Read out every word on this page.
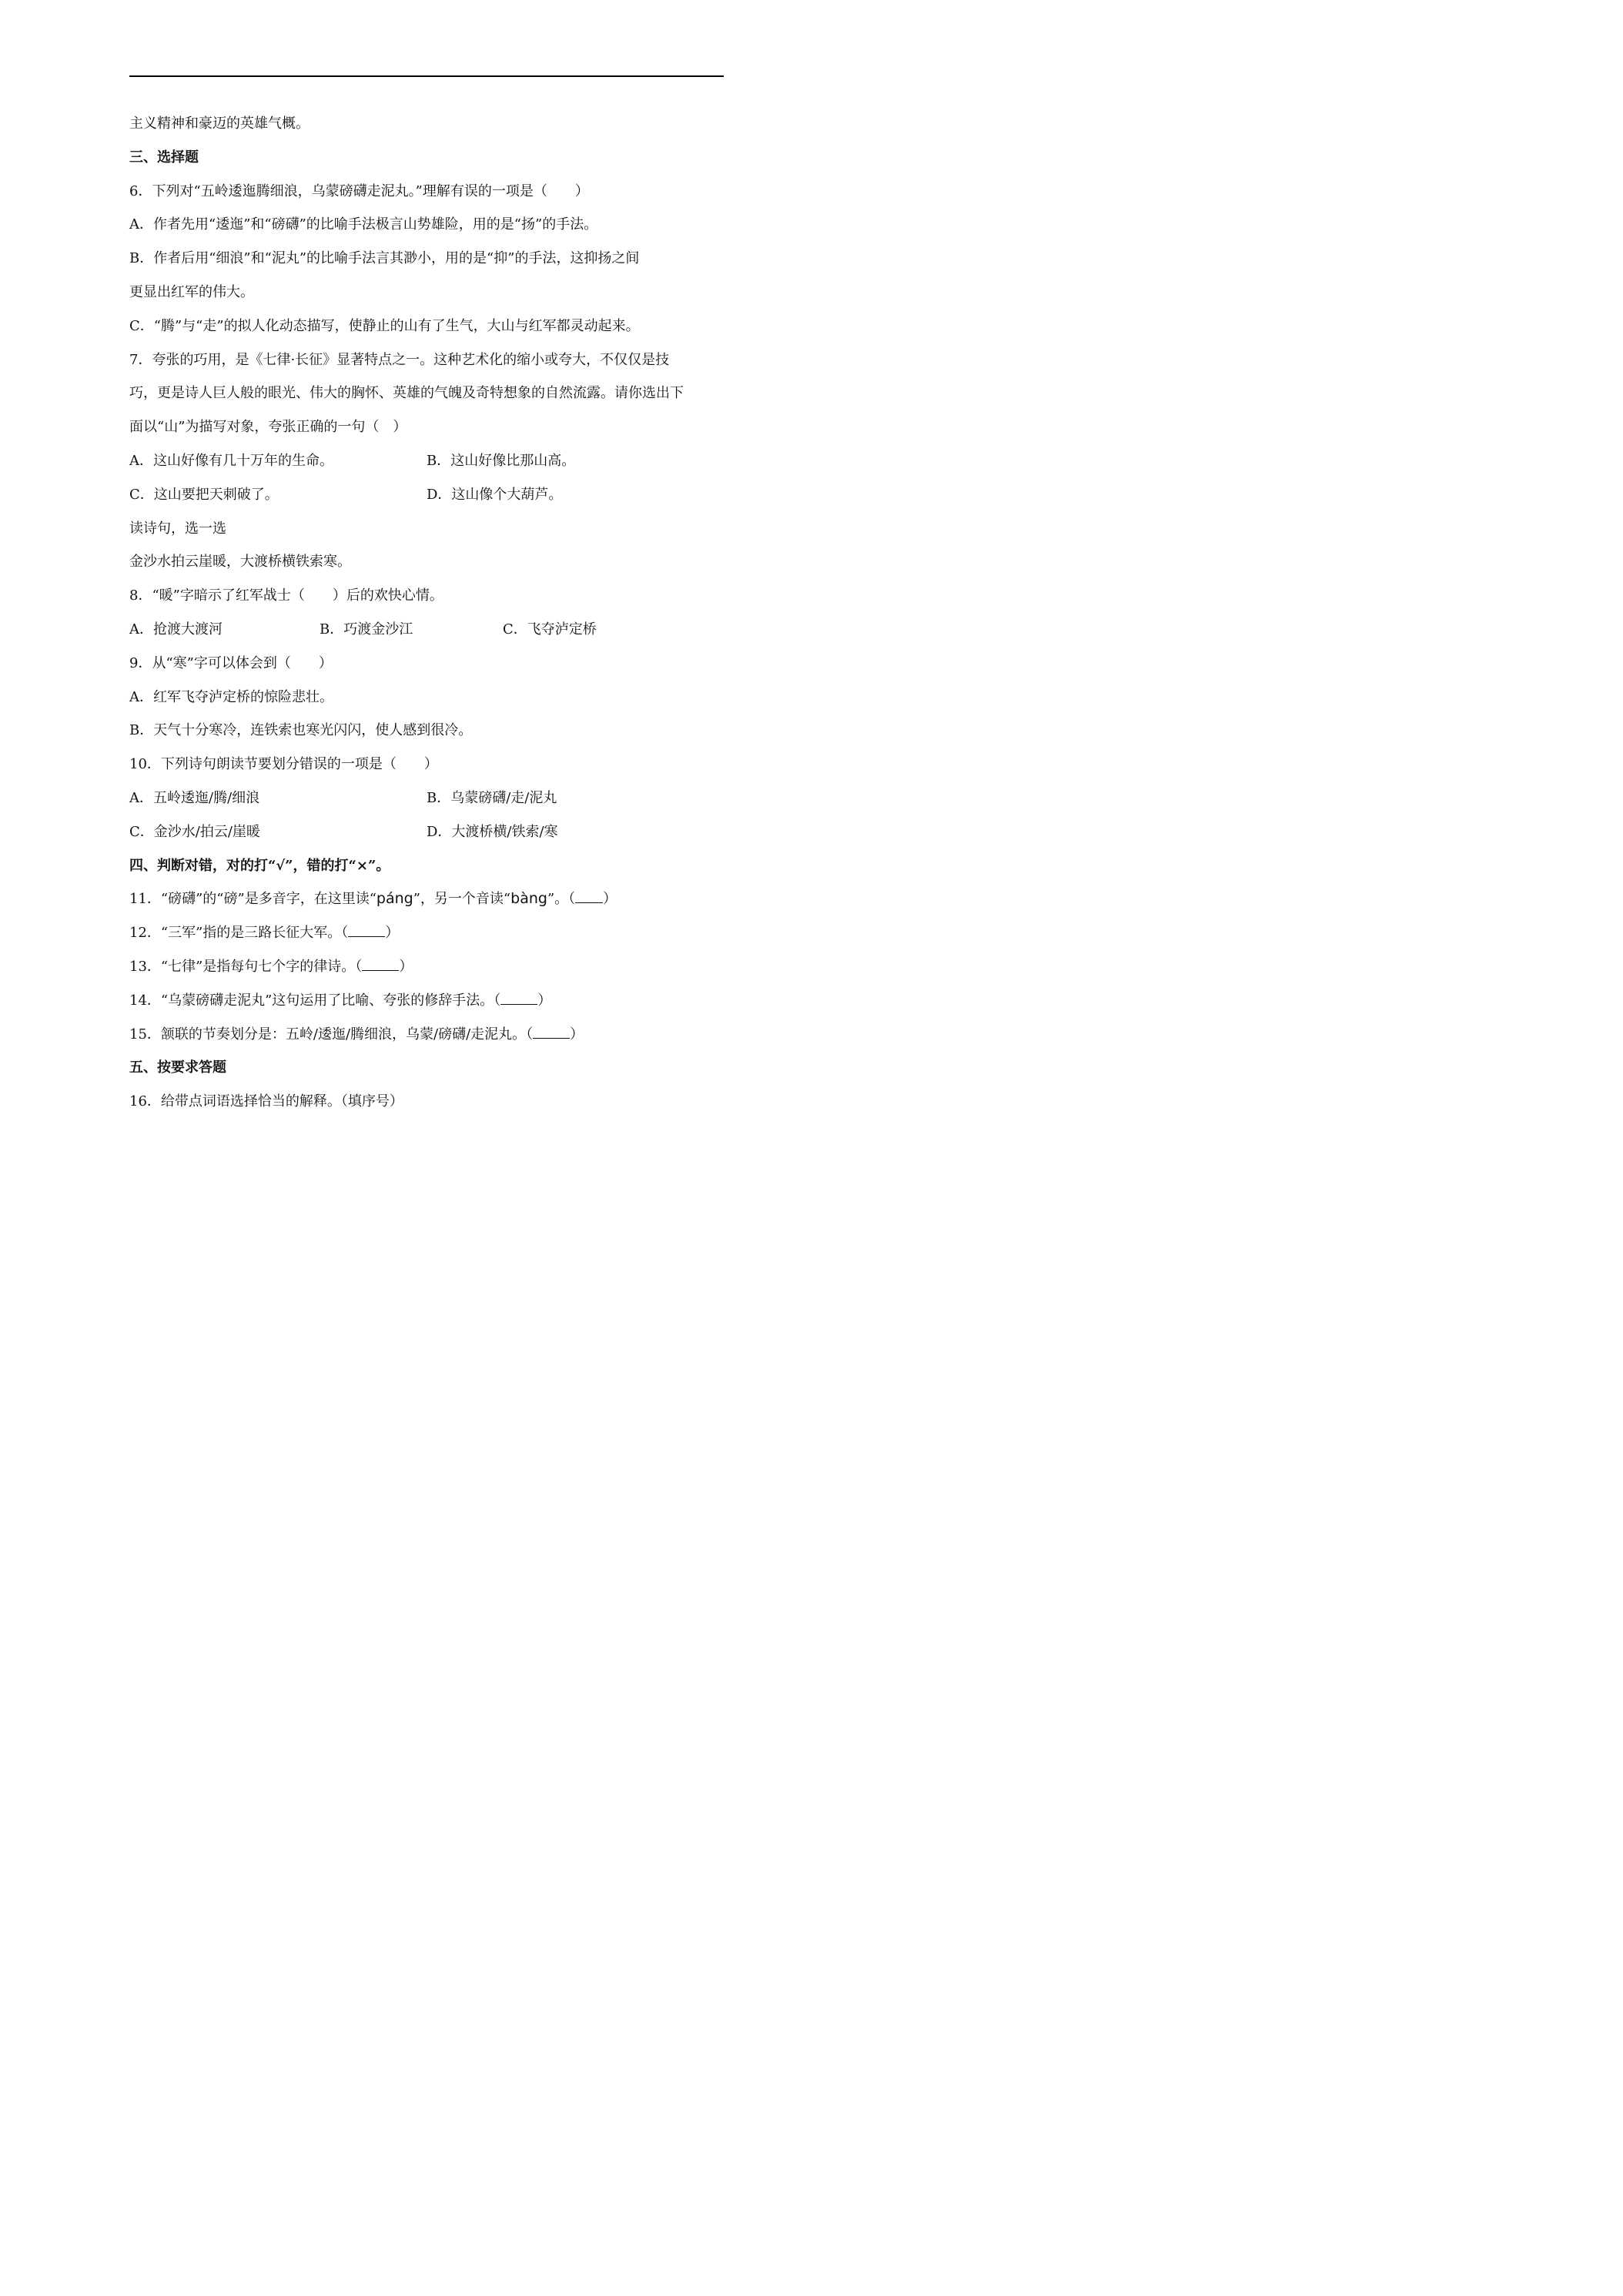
主义精神和豪迈的英雄气概。
三、选择题
6．下列对“五岭逶迤腾细浪，乌蒙磅礴走泥丸。”理解有误的一项是（　　）
A．作者先用“逶迤”和“磅礴”的比喻手法极言山势雄险，用的是“扬”的手法。
B．作者后用“细浪”和“泥丸”的比喻手法言其渺小，用的是“抑”的手法，这抑扬之间
更显出红军的伟大。
C．“腾”与“走”的拟人化动态描写，使静止的山有了生气，大山与红军都灵动起来。
7．夸张的巧用，是《七律·长征》显著特点之一。这种艺术化的缩小或夸大，不仅仅是技
巧，更是诗人巨人般的眼光、伟大的胸怀、英雄的气魄及奇特想象的自然流露。请你选出下
面以“山”为描写对象，夸张正确的一句（　）
A．这山好像有几十万年的生命。	B．这山好像比那山高。
C．这山要把天刺破了。	D．这山像个大葫芦。
读诗句，选一选
金沙水拍云崖暖，大渡桥横铁索寒。
8．“暖”字暗示了红军战士（　　）后的欢快心情。
A．抢渡大渡河	B．巧渡金沙江	C．飞夺泸定桥
9．从“寒”字可以体会到（　　）
A．红军飞夺泸定桥的惊险悲壮。
B．天气十分寒冷，连铁索也寒光闪闪，使人感到很冷。
10．下列诗句朗读节要划分错误的一项是（　　）
A．五岭逶迤/腾/细浪	B．乌蒙磅礴/走/泥丸
C．金沙水/拍云/崖暖	D．大渡桥横/铁索/寒
四、判断对错，对的打“√”，错的打“×”。
11．“磅礴”的“磅”是多音字，在这里读“páng”，另一个音读“bàng”。（ ）
12．“三军”指的是三路长征大军。（	）
13．“七律”是指每句七个字的律诗。（	）
14．“乌蒙磅礴走泥丸”这句运用了比喻、夸张的修辞手法。（	）
15．颔联的节奏划分是：五岭/逶迤/腾细浪，乌蒙/磅礴/走泥丸。（	）
五、按要求答题
16．给带点词语选择恰当的解释。（填序号）
